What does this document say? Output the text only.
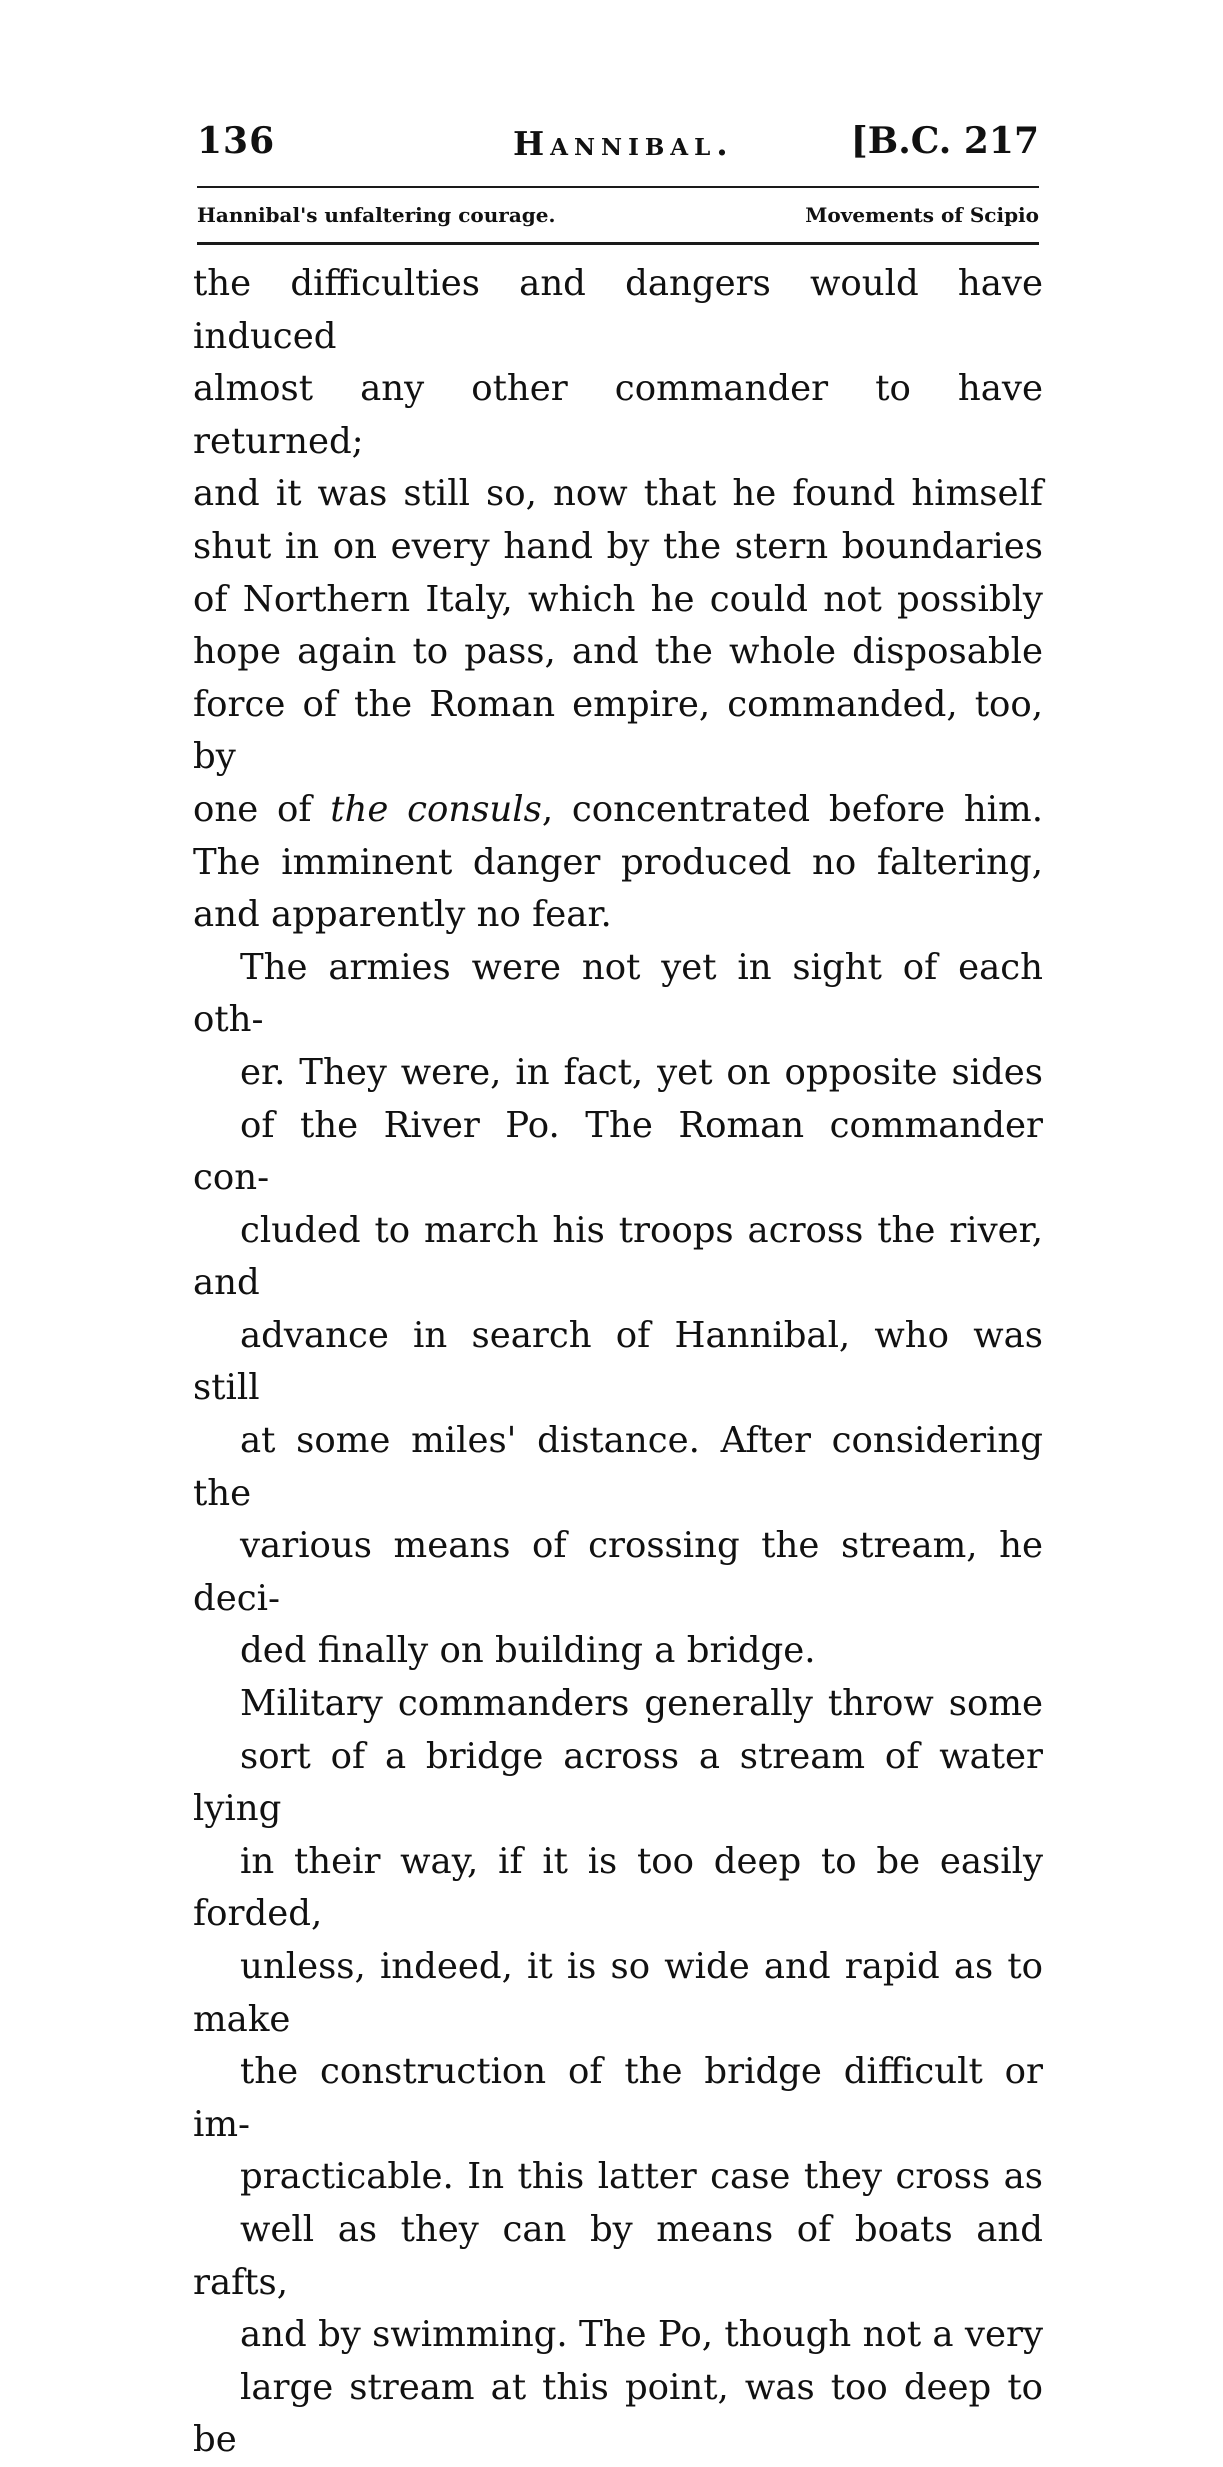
136	Hannibal.	[B.C. 217
Hannibal's unfaltering courage.	Movements of Scipio

the difficulties and dangers would have induced
almost any other commander to have returned;
and it was still so, now that he found himself
shut in on every hand by the stern boundaries
of Northern Italy, which he could not possibly
hope again to pass, and the whole disposable
force of the Roman empire, commanded, too, by
one of the consuls, concentrated before him.
The imminent danger produced no faltering,
and apparently no fear.

The armies were not yet in sight of each oth-
er. They were, in fact, yet on opposite sides
of the River Po. The Roman commander con-
cluded to march his troops across the river, and
advance in search of Hannibal, who was still
at some miles' distance. After considering the
various means of crossing the stream, he deci-
ded finally on building a bridge.

Military commanders generally throw some
sort of a bridge across a stream of water lying
in their way, if it is too deep to be easily forded,
unless, indeed, it is so wide and rapid as to make
the construction of the bridge difficult or im-
practicable. In this latter case they cross as
well as they can by means of boats and rafts,
and by swimming. The Po, though not a very
large stream at this point, was too deep to be
